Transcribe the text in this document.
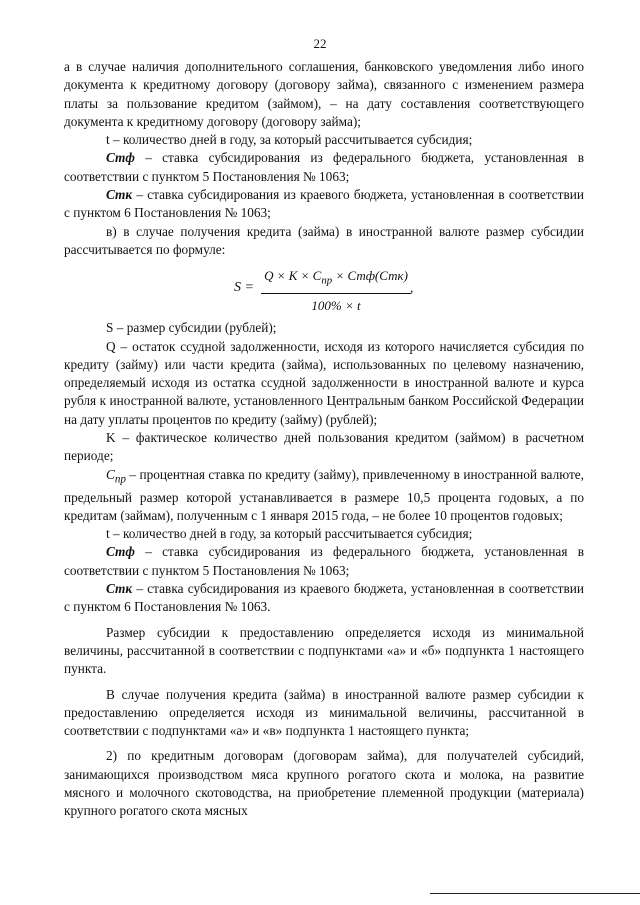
22

а в случае наличия дополнительного соглашения, банковского уведомления либо иного документа к кредитному договору (договору займа), связанного с изменением размера платы за пользование кредитом (займом), – на дату составления соответствующего документа к кредитному договору (договору займа);

t – количество дней в году, за который рассчитывается субсидия;

Стф – ставка субсидирования из федерального бюджета, установленная в соответствии с пунктом 5 Постановления № 1063;

Стк – ставка субсидирования из краевого бюджета, установленная в соответствии с пунктом 6 Постановления № 1063;

в) в случае получения кредита (займа) в иностранной валюте размер субсидии рассчитывается по формуле:

S =
$Q \times K \times C_{пр} \times Стф(Стк)$
100% × t
,

S – размер субсидии (рублей);

Q – остаток ссудной задолженности, исходя из которого начисляется субсидия по кредиту (займу) или части кредита (займа), использованных по целевому назначению, определяемый исходя из остатка ссудной задолженности в иностранной валюте и курса рубля к иностранной валюте, установленного Центральным банком Российской Федерации на дату уплаты процентов по кредиту (займу) (рублей);

K – фактическое количество дней пользования кредитом (займом) в расчетном периоде;

$C_{пр}$ – процентная ставка по кредиту (займу), привлеченному в иностранной валюте, предельный размер которой устанавливается в размере 10,5 процента годовых, а по кредитам (займам), полученным с 1 января 2015 года, – не более 10 процентов годовых;

t – количество дней в году, за который рассчитывается субсидия;

Стф – ставка субсидирования из федерального бюджета, установленная в соответствии с пунктом 5 Постановления № 1063;

Стк – ставка субсидирования из краевого бюджета, установленная в соответствии с пунктом 6 Постановления № 1063.

Размер субсидии к предоставлению определяется исходя из минимальной величины, рассчитанной в соответствии с подпунктами «а» и «б» подпункта 1 настоящего пункта.

В случае получения кредита (займа) в иностранной валюте размер субсидии к предоставлению определяется исходя из минимальной величины, рассчитанной в соответствии с подпунктами «а» и «в» подпункта 1 настоящего пункта;

2) по кредитным договорам (договорам займа), для получателей субсидий, занимающихся производством мяса крупного рогатого скота и молока, на развитие мясного и молочного скотоводства, на приобретение племенной продукции (материала) крупного рогатого скота мясных
